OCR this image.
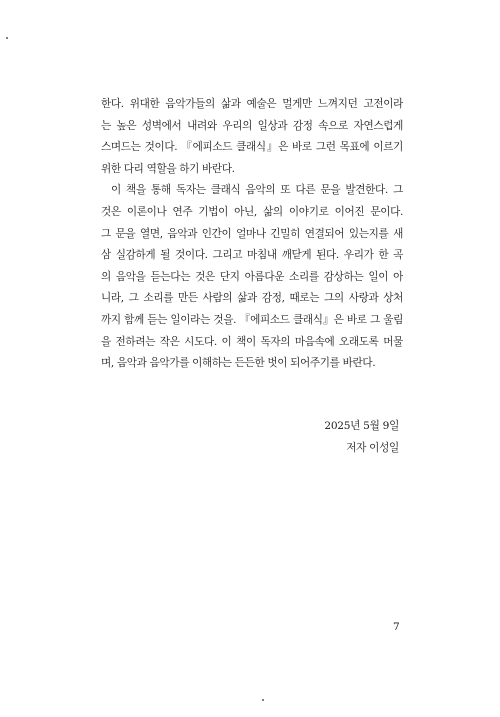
한다. 위대한 음악가들의 삶과 예술은 멀게만 느껴지던 고전이라
는 높은 성벽에서 내려와 우리의 일상과 감정 속으로 자연스럽게
스며드는 것이다. 『에피소드 클래식』은 바로 그런 목표에 이르기
위한 다리 역할을 하기 바란다.

이 책을 통해 독자는 클래식 음악의 또 다른 문을 발견한다. 그
것은 이론이나 연주 기법이 아닌, 삶의 이야기로 이어진 문이다.
그 문을 열면, 음악과 인간이 얼마나 긴밀히 연결되어 있는지를 새
삼 실감하게 될 것이다. 그리고 마침내 깨닫게 된다. 우리가 한 곡
의 음악을 듣는다는 것은 단지 아름다운 소리를 감상하는 일이 아
니라, 그 소리를 만든 사람의 삶과 감정, 때로는 그의 사랑과 상처
까지 함께 듣는 일이라는 것을. 『에피소드 클래식』은 바로 그 울림
을 전하려는 작은 시도다. 이 책이 독자의 마음속에 오래도록 머물
며, 음악과 음악가를 이해하는 든든한 벗이 되어주기를 바란다.

2025년 5월 9일
저자 이성일
7
